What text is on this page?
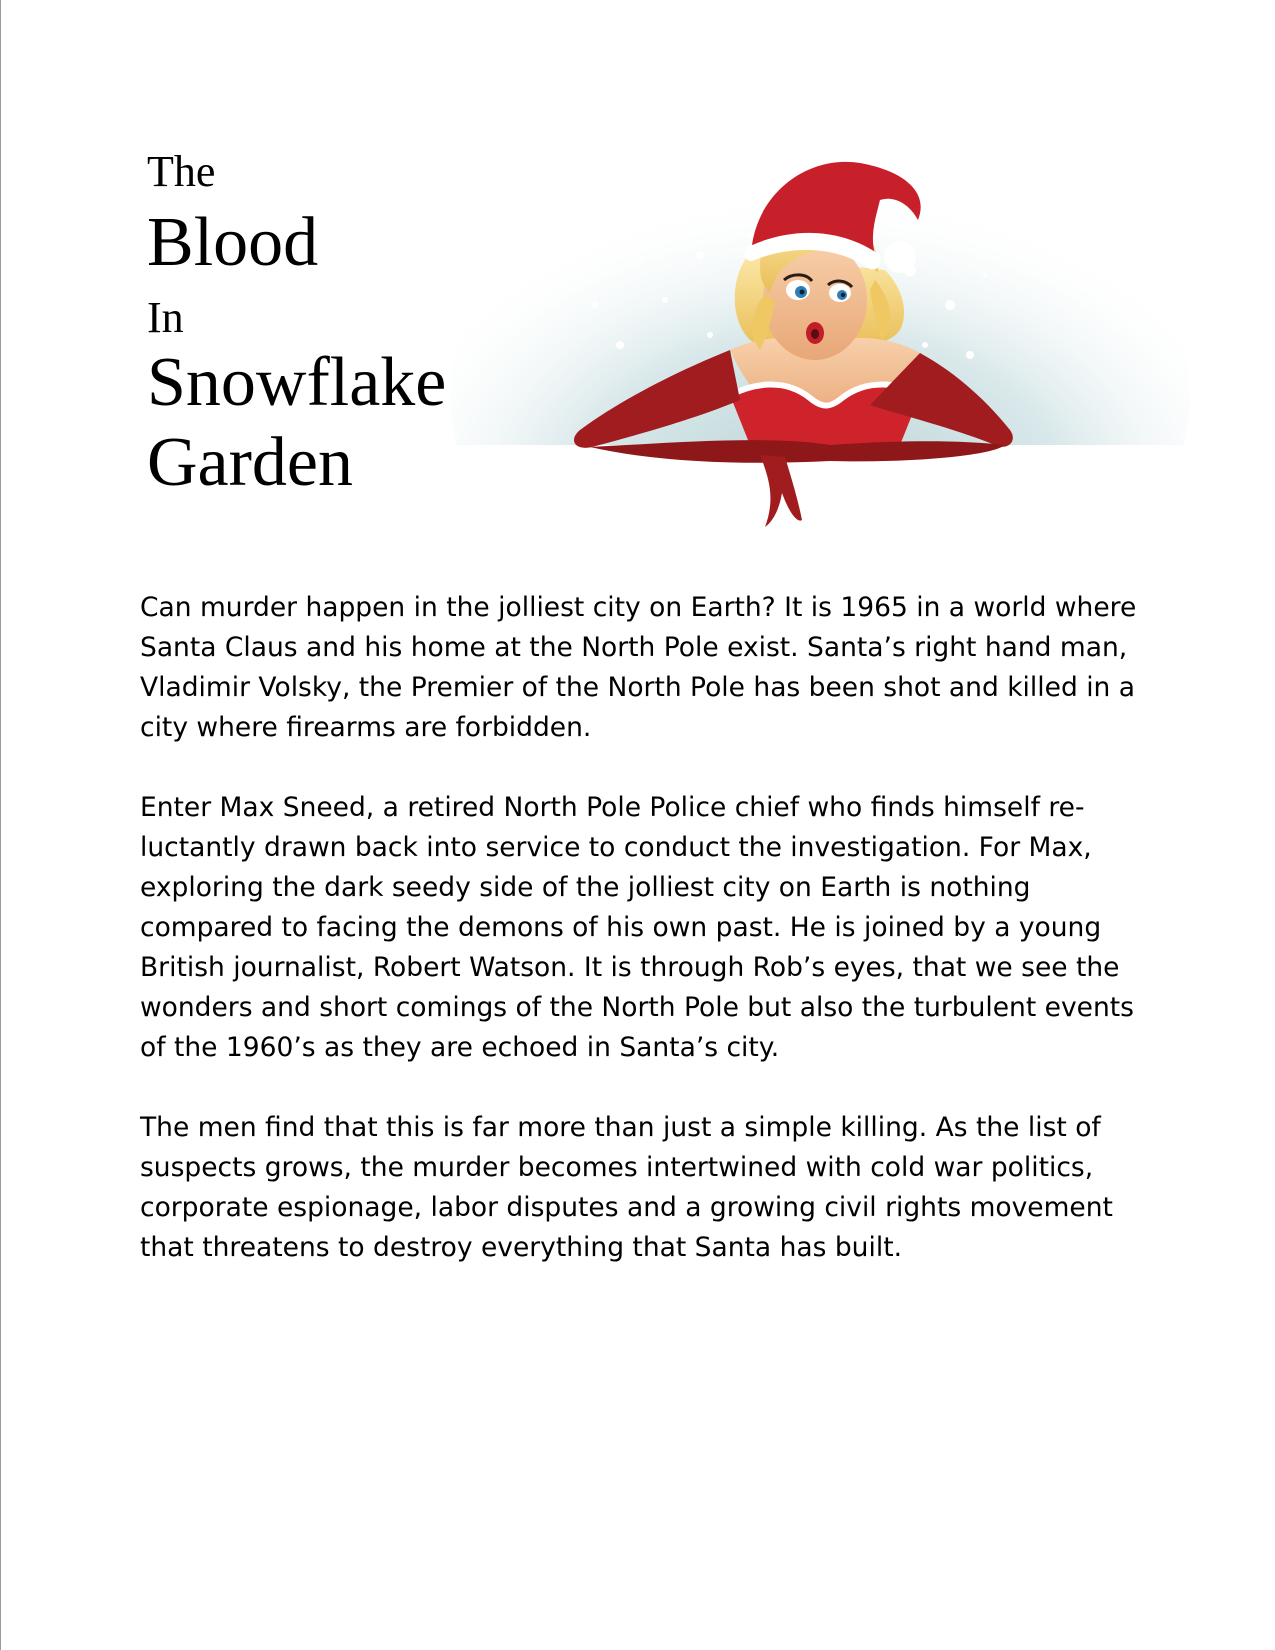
The
Blood
In
Snowflake
Garden

Can murder happen in the jolliest city on Earth? It is 1965 in a world where Santa Claus and his home at the North Pole exist. Santa’s right hand man, Vladimir Volsky, the Premier of the North Pole has been shot and killed in a city where firearms are forbidden.

Enter Max Sneed, a retired North Pole Police chief who finds himself re-luctantly drawn back into service to conduct the investigation. For Max, exploring the dark seedy side of the jolliest city on Earth is nothing compared to facing the demons of his own past. He is joined by a young British journalist, Robert Watson. It is through Rob’s eyes, that we see the wonders and short comings of the North Pole but also the turbulent events of the 1960’s as they are echoed in Santa’s city.

The men find that this is far more than just a simple killing. As the list of suspects grows, the murder becomes intertwined with cold war politics, corporate espionage, labor disputes and a growing civil rights movement that threatens to destroy everything that Santa has built.
